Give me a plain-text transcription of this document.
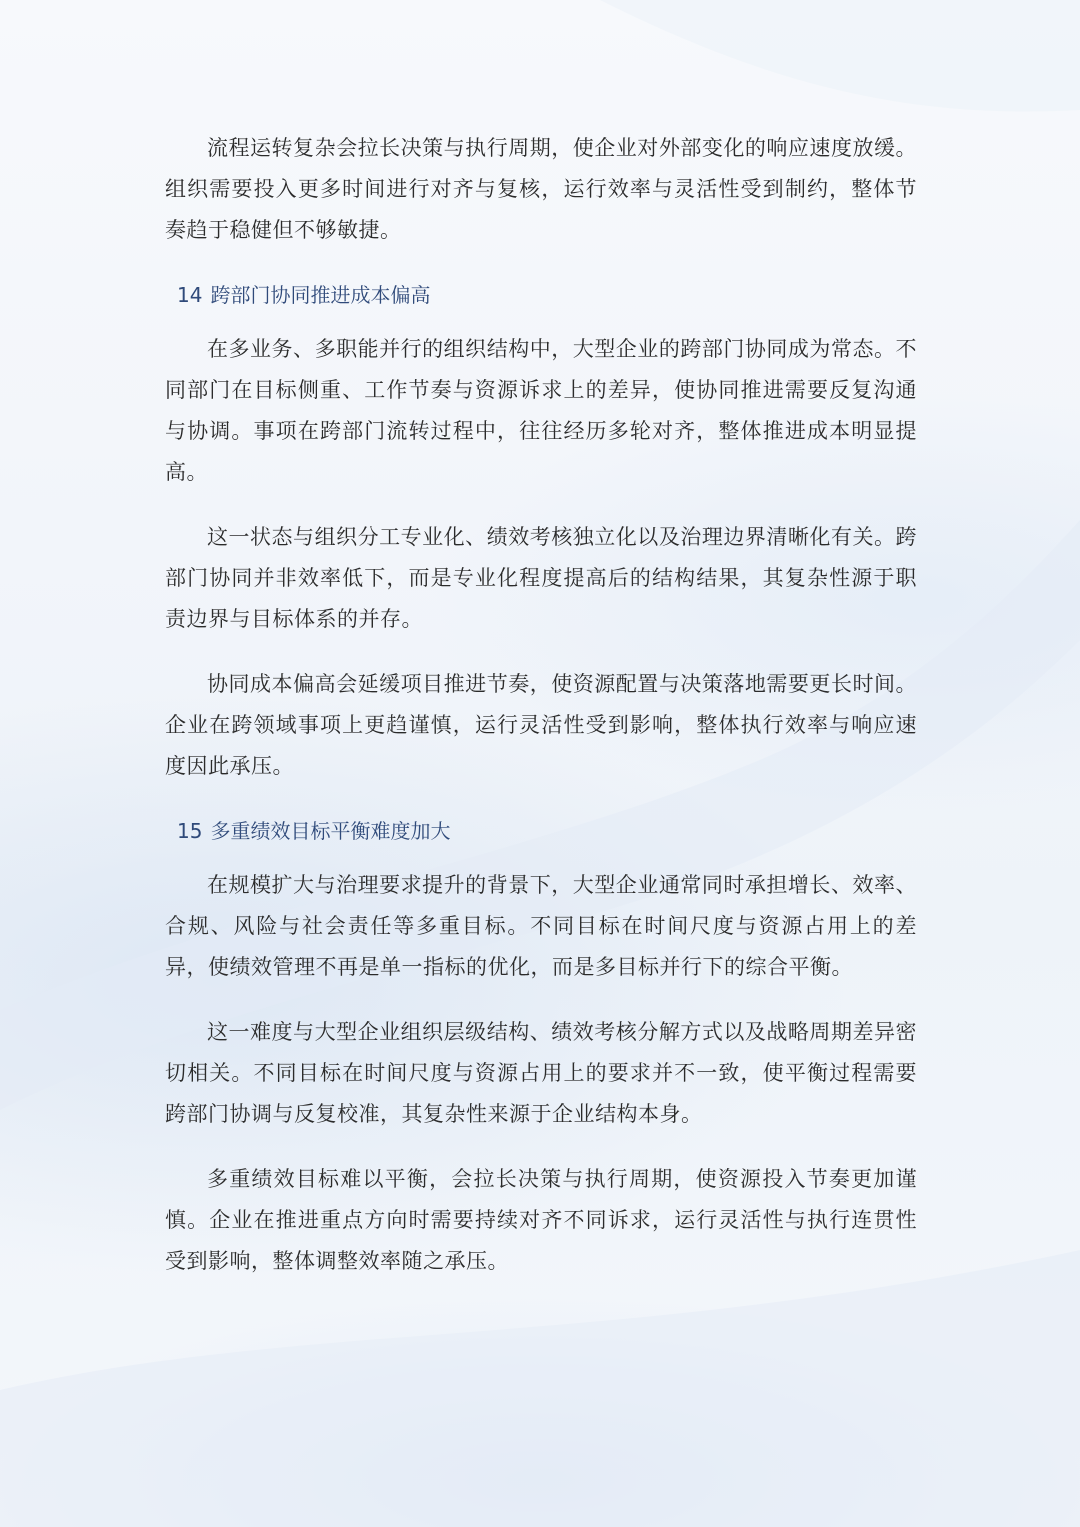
流程运转复杂会拉长决策与执行周期，使企业对外部变化的响应速度放缓。组织需要投入更多时间进行对齐与复核，运行效率与灵活性受到制约，整体节奏趋于稳健但不够敏捷。

14 跨部门协同推进成本偏高

在多业务、多职能并行的组织结构中，大型企业的跨部门协同成为常态。不同部门在目标侧重、工作节奏与资源诉求上的差异，使协同推进需要反复沟通与协调。事项在跨部门流转过程中，往往经历多轮对齐，整体推进成本明显提高。

这一状态与组织分工专业化、绩效考核独立化以及治理边界清晰化有关。跨部门协同并非效率低下，而是专业化程度提高后的结构结果，其复杂性源于职责边界与目标体系的并存。

协同成本偏高会延缓项目推进节奏，使资源配置与决策落地需要更长时间。企业在跨领域事项上更趋谨慎，运行灵活性受到影响，整体执行效率与响应速度因此承压。

15 多重绩效目标平衡难度加大

在规模扩大与治理要求提升的背景下，大型企业通常同时承担增长、效率、合规、风险与社会责任等多重目标。不同目标在时间尺度与资源占用上的差异，使绩效管理不再是单一指标的优化，而是多目标并行下的综合平衡。

这一难度与大型企业组织层级结构、绩效考核分解方式以及战略周期差异密切相关。不同目标在时间尺度与资源占用上的要求并不一致，使平衡过程需要跨部门协调与反复校准，其复杂性来源于企业结构本身。

多重绩效目标难以平衡，会拉长决策与执行周期，使资源投入节奏更加谨慎。企业在推进重点方向时需要持续对齐不同诉求，运行灵活性与执行连贯性受到影响，整体调整效率随之承压。
